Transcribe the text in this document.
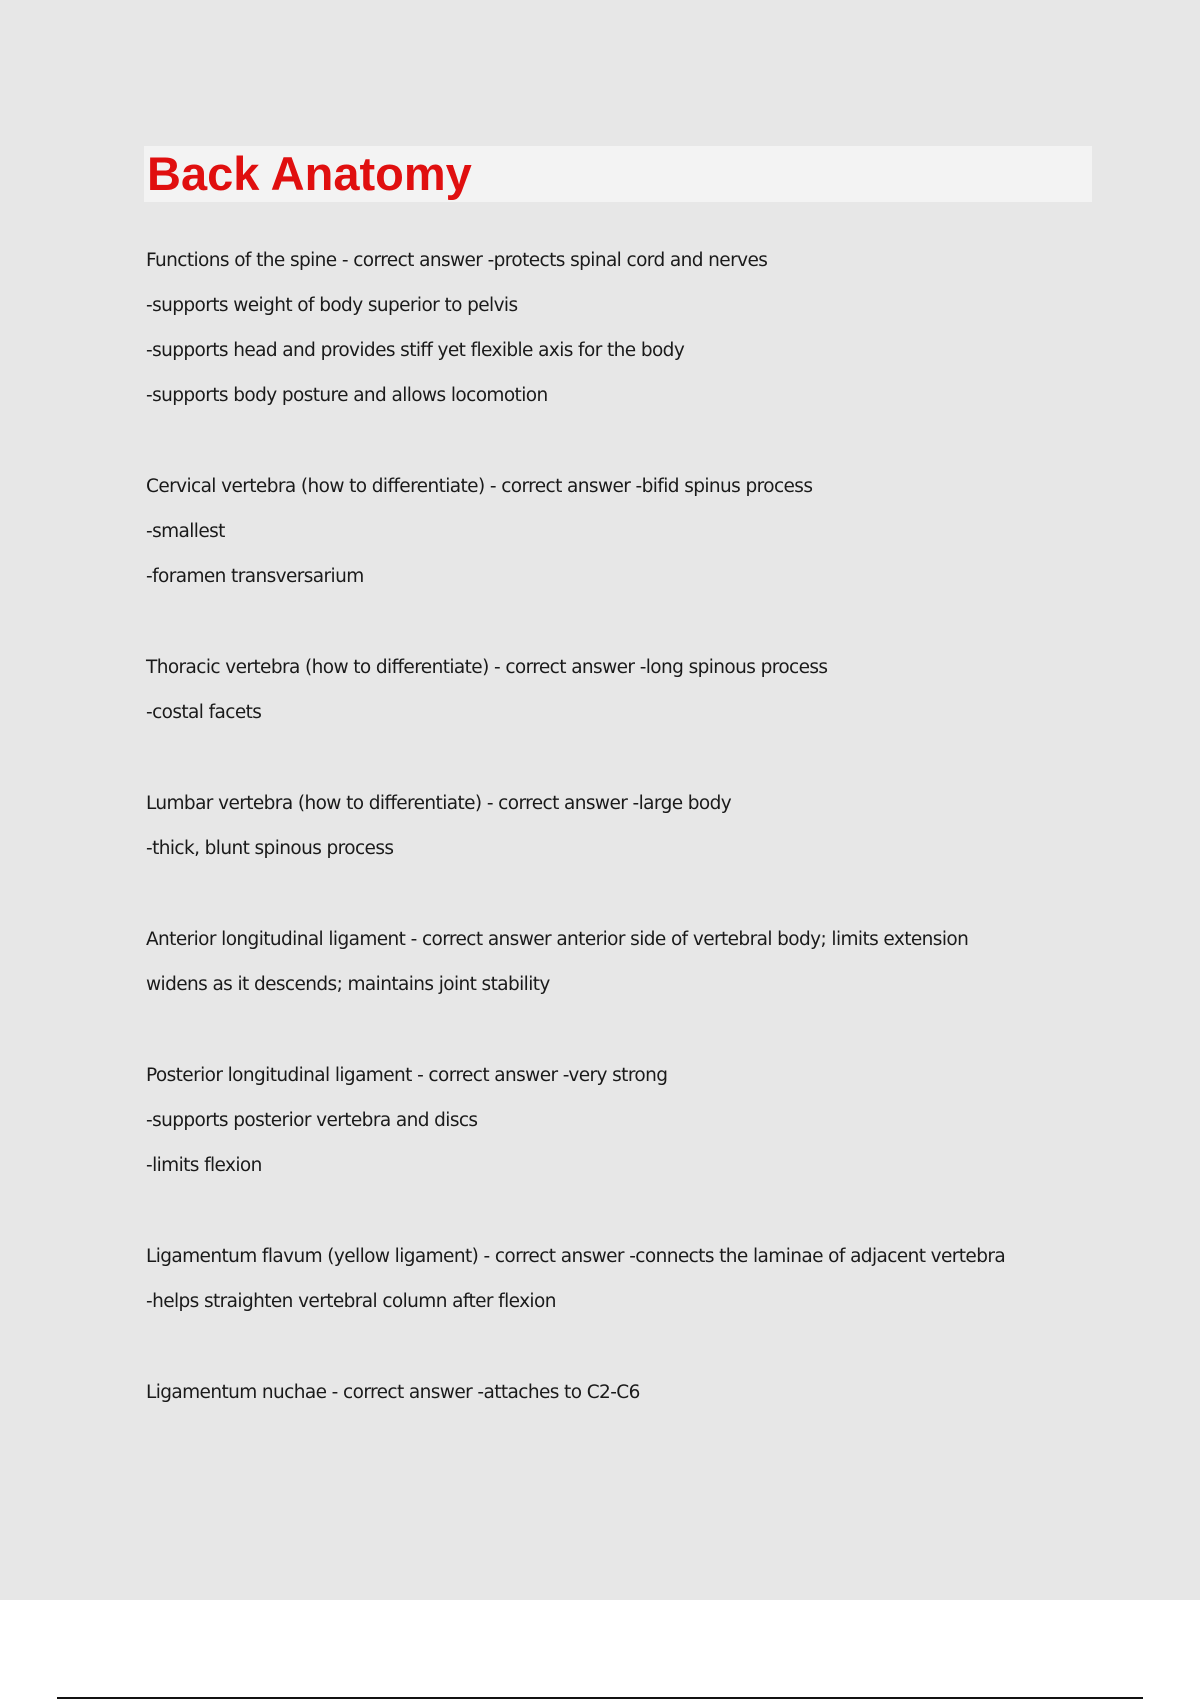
Back Anatomy
Functions of the spine - correct answer -protects spinal cord and nerves
-supports weight of body superior to pelvis
-supports head and provides stiff yet flexible axis for the body
-supports body posture and allows locomotion
Cervical vertebra (how to differentiate) - correct answer -bifid spinus process
-smallest
-foramen transversarium
Thoracic vertebra (how to differentiate) - correct answer -long spinous process
-costal facets
Lumbar vertebra (how to differentiate) - correct answer -large body
-thick, blunt spinous process
Anterior longitudinal ligament - correct answer anterior side of vertebral body; limits extension
widens as it descends; maintains joint stability
Posterior longitudinal ligament - correct answer -very strong
-supports posterior vertebra and discs
-limits flexion
Ligamentum flavum (yellow ligament) - correct answer -connects the laminae of adjacent vertebra
-helps straighten vertebral column after flexion
Ligamentum nuchae - correct answer -attaches to C2-C6
